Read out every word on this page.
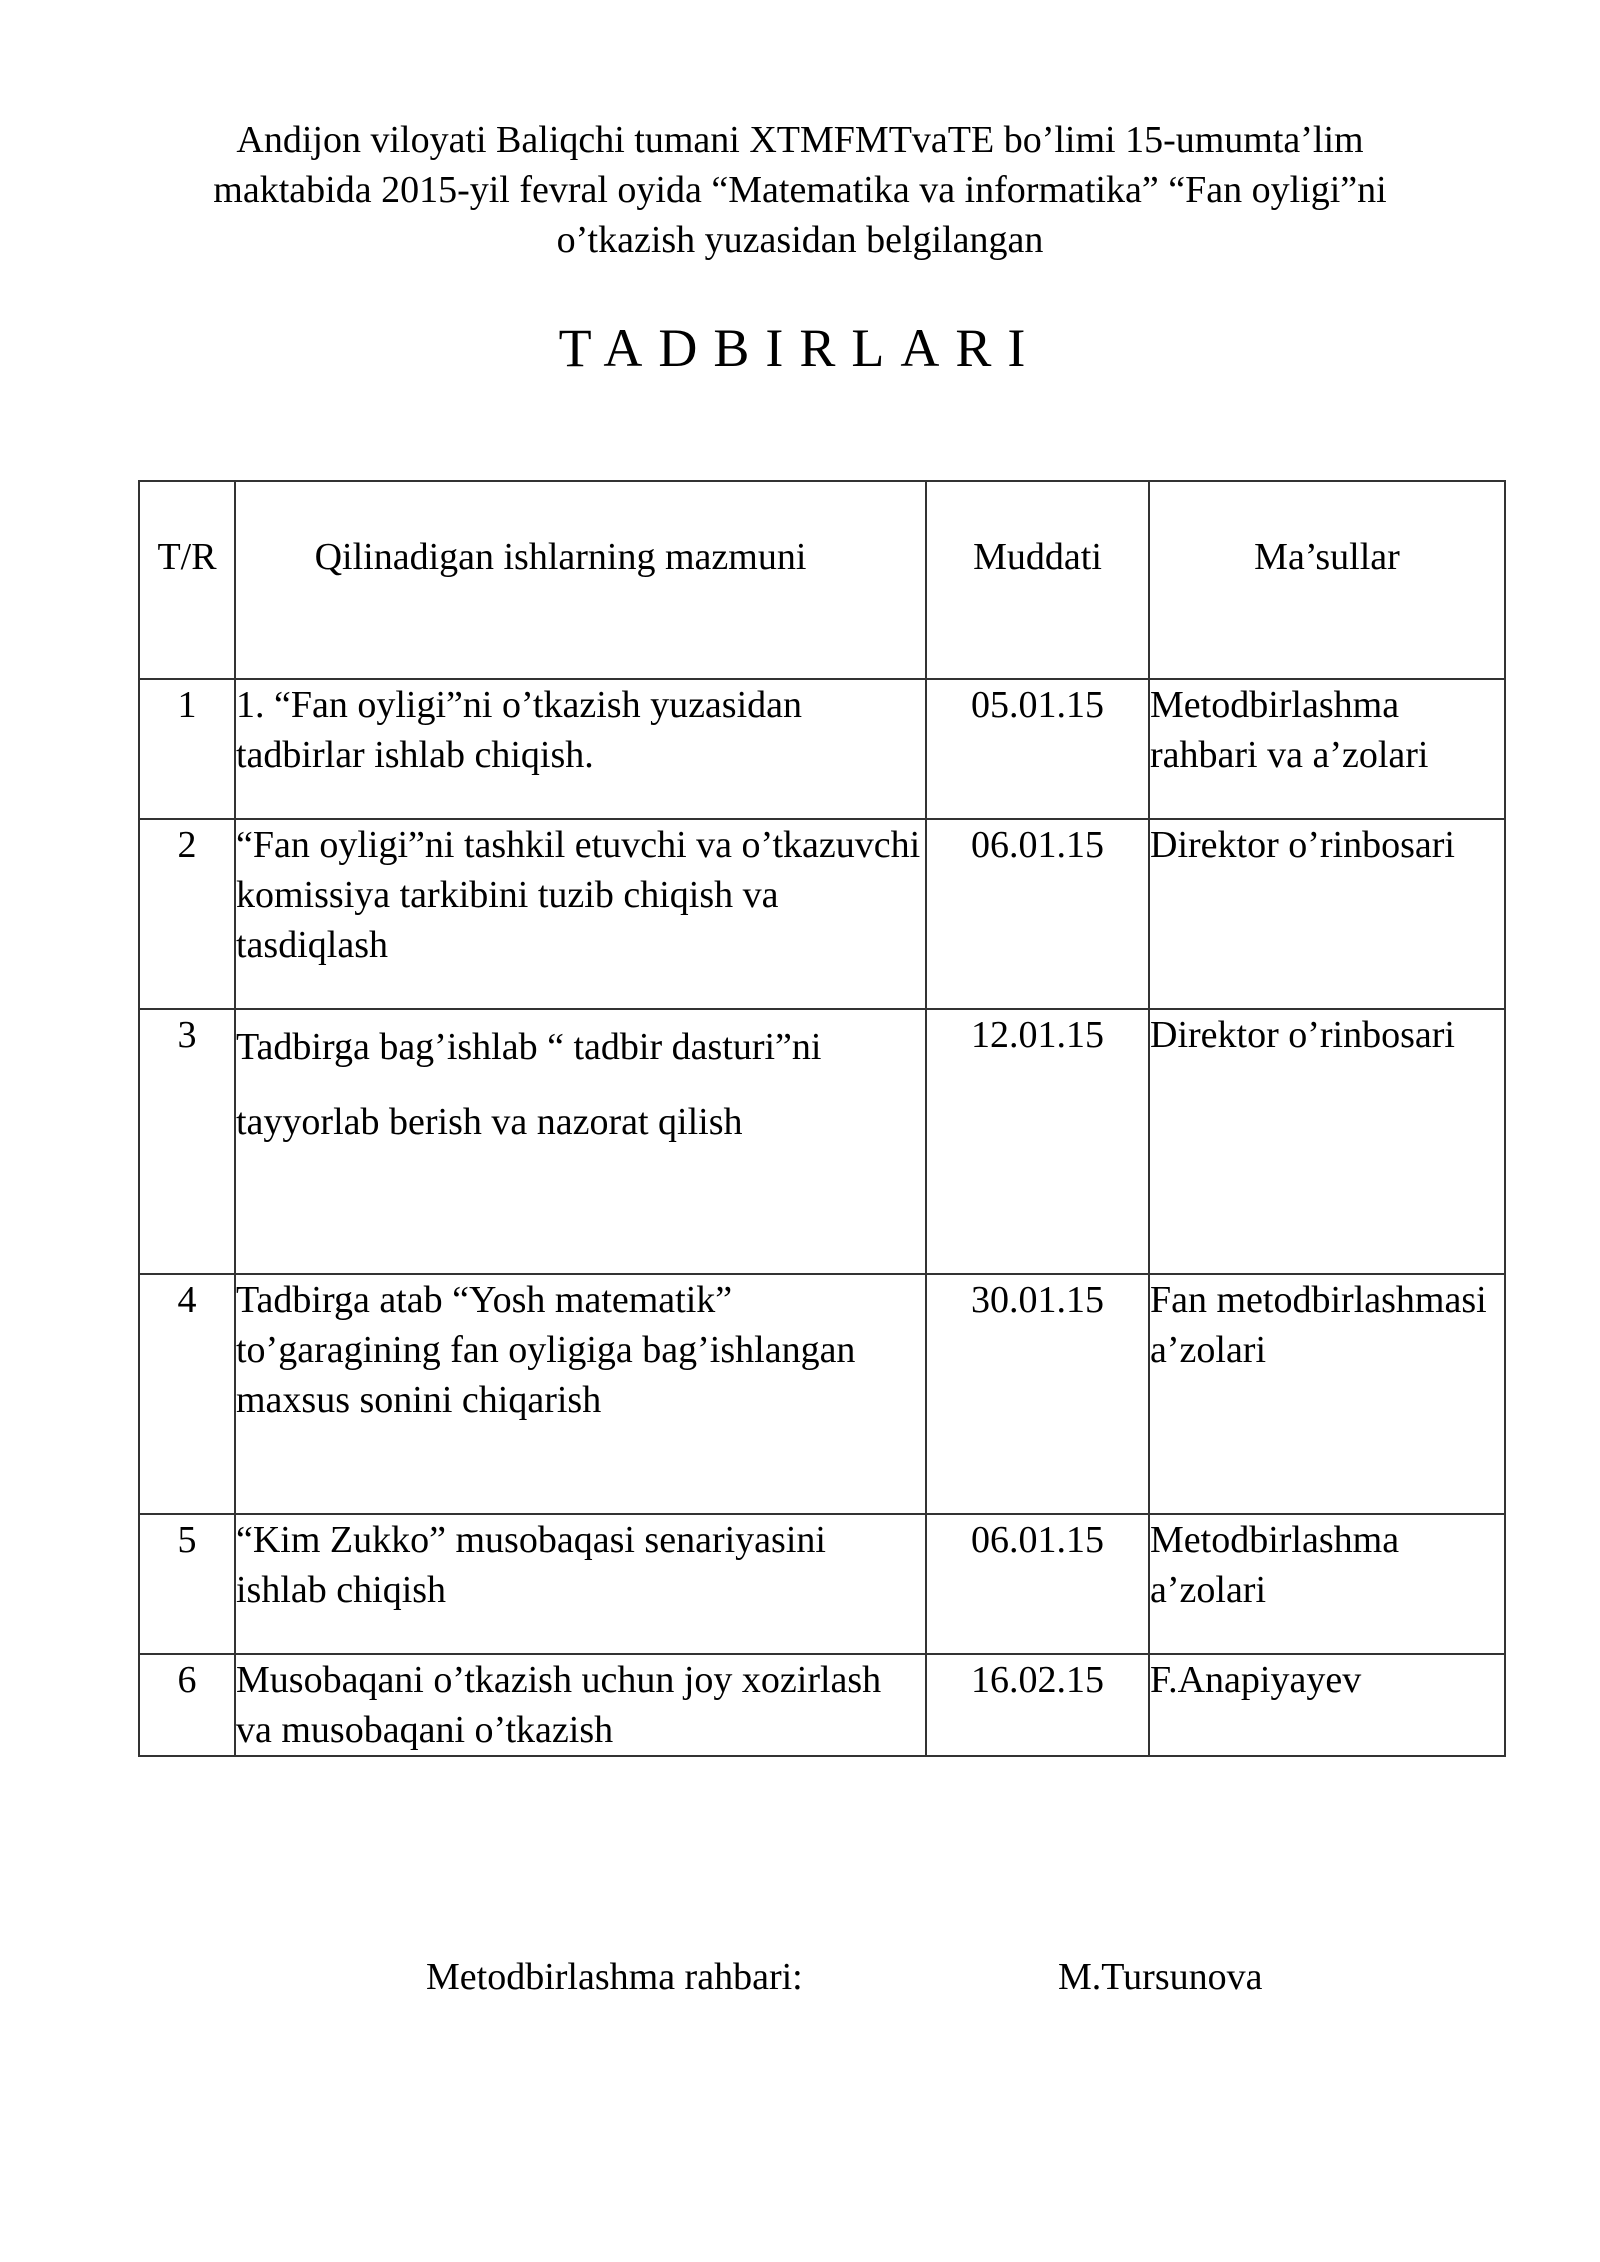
Andijon viloyati Baliqchi tumani XTMFMTvaTE bo’limi 15-umumta’lim
maktabida 2015-yil fevral oyida “Matematika va informatika” “Fan oyligi”ni
o’tkazish yuzasidan belgilangan
TADBIRLARI
T/R	Qilinadigan ishlarning mazmuni	Muddati	Ma’sullar

1	1. “Fan oyligi”ni o’tkazish yuzasidan tadbirlar ishlab chiqish.	05.01.15	Metodbirlashma rahbari va a’zolari
2	“Fan oyligi”ni tashkil etuvchi va o’tkazuvchi komissiya tarkibini tuzib chiqish va tasdiqlash	06.01.15	Direktor o’rinbosari
3	Tadbirga bag’ishlab “ tadbir dasturi”ni tayyorlab berish va nazorat qilish	12.01.15	Direktor o’rinbosari
4	Tadbirga atab “Yosh matematik” to’garagining fan oyligiga bag’ishlangan maxsus sonini chiqarish	30.01.15	Fan metodbirlashmasi a’zolari
5	“Kim Zukko” musobaqasi senariyasini ishlab chiqish	06.01.15	Metodbirlashma a’zolari
6	Musobaqani o’tkazish uchun joy xozirlash va musobaqani o’tkazish	16.02.15	F.Anapiyayev
Metodbirlashma rahbari:	M.Tursunova
